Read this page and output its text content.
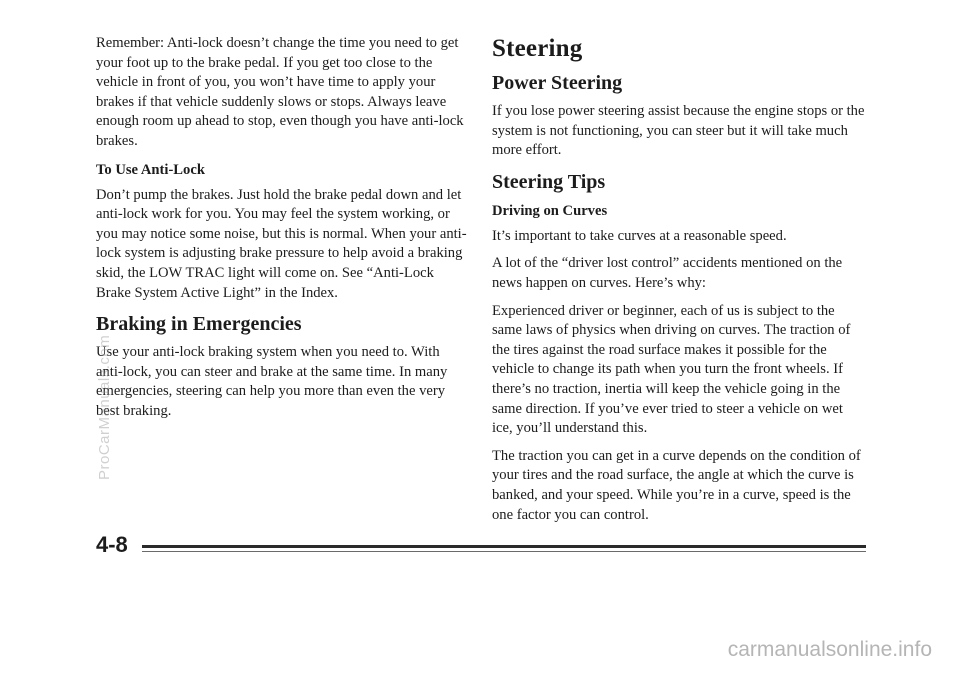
Remember: Anti-lock doesn’t change the time you need to get your foot up to the brake pedal. If you get too close to the vehicle in front of you, you won’t have time to apply your brakes if that vehicle suddenly slows or stops. Always leave enough room up ahead to stop, even though you have anti-lock brakes.

To Use Anti-Lock

Don’t pump the brakes. Just hold the brake pedal down and let anti-lock work for you. You may feel the system working, or you may notice some noise, but this is normal. When your anti-lock system is adjusting brake pressure to help avoid a braking skid, the LOW TRAC light will come on. See “Anti-Lock Brake System Active Light” in the Index.

Braking in Emergencies

Use your anti-lock braking system when you need to. With anti-lock, you can steer and brake at the same time. In many emergencies, steering can help you more than even the very best braking.

Steering
Power Steering

If you lose power steering assist because the engine stops or the system is not functioning, you can steer but it will take much more effort.

Steering Tips
Driving on Curves

It’s important to take curves at a reasonable speed.

A lot of the “driver lost control” accidents mentioned on the news happen on curves. Here’s why:

Experienced driver or beginner, each of us is subject to the same laws of physics when driving on curves. The traction of the tires against the road surface makes it possible for the vehicle to change its path when you turn the front wheels. If there’s no traction, inertia will keep the vehicle going in the same direction. If you’ve ever tried to steer a vehicle on wet ice, you’ll understand this.

The traction you can get in a curve depends on the condition of your tires and the road surface, the angle at which the curve is banked, and your speed. While you’re in a curve, speed is the one factor you can control.

4-8
ProCarManuals.com
carmanualsonline.info
